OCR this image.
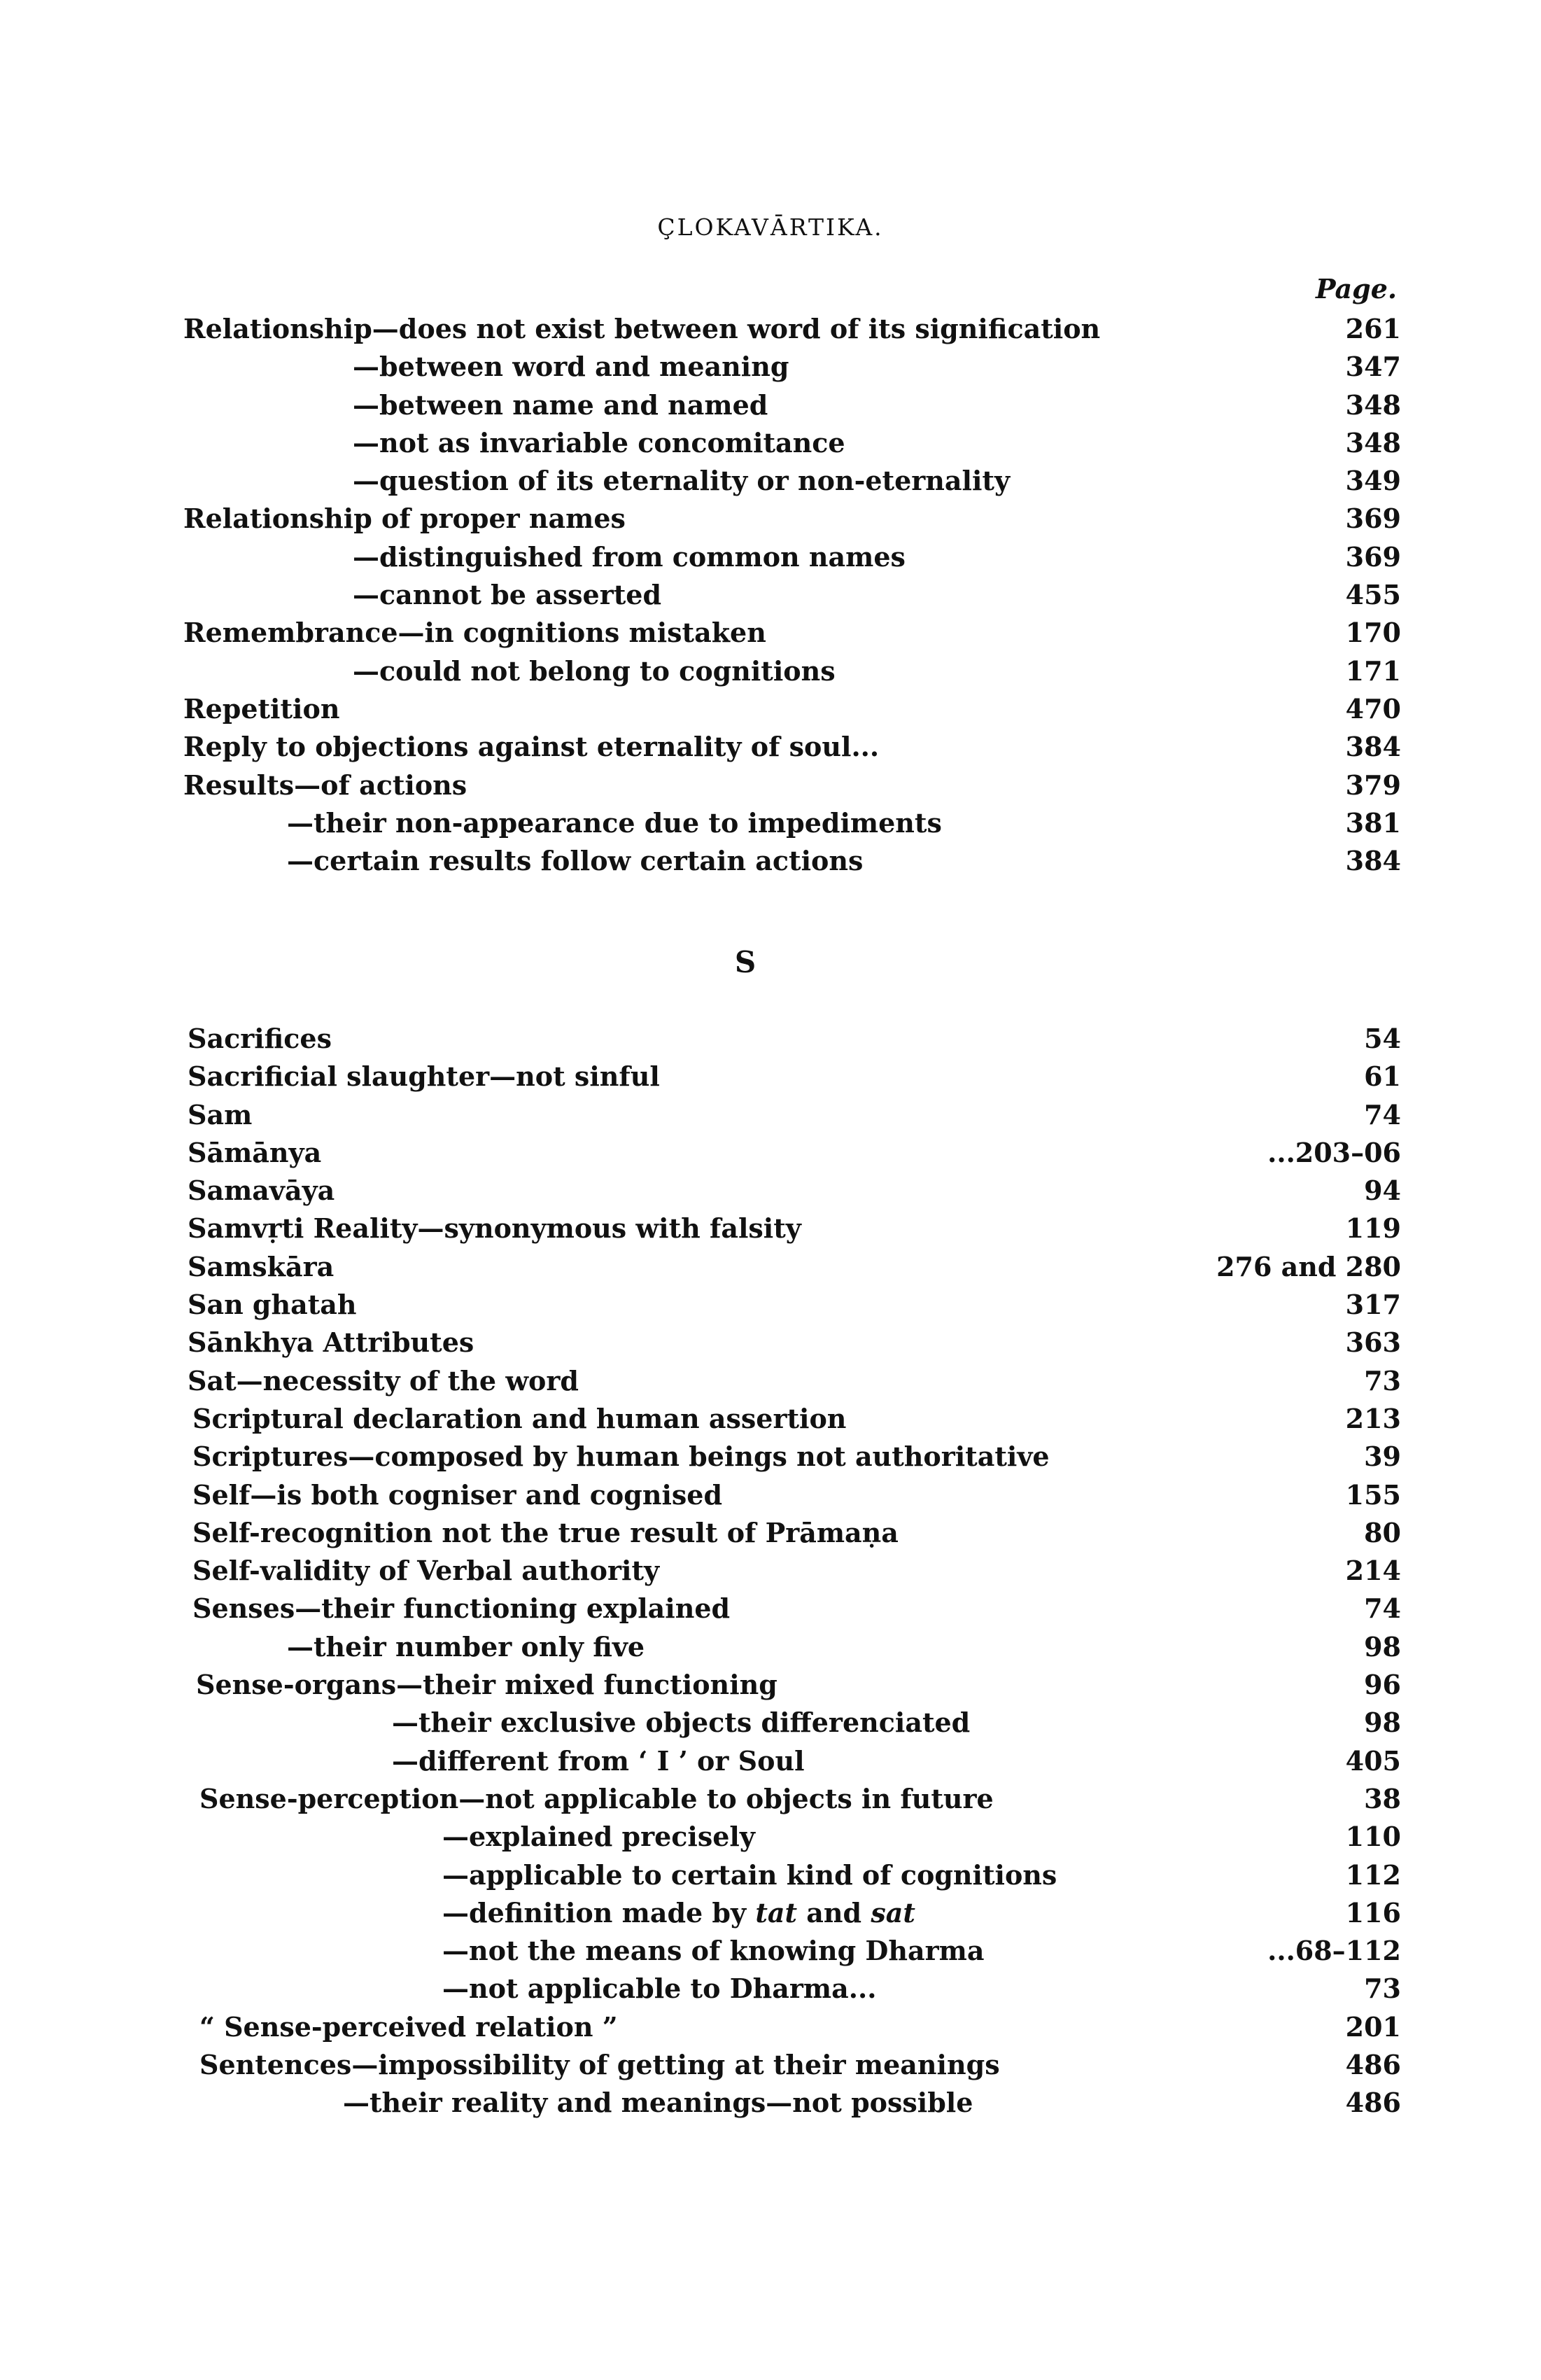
ÇLOKAVĀRTIKA.
Page.
Relationship—does not exist between word of its signification	261
—between word and meaning	347
—between name and named	348
—not as invariable concomitance	348
—question of its eternality or non-eternality	349
Relationship of proper names	369
—distinguished from common names	369
—cannot be asserted	455
Remembrance—in cognitions mistaken	170
—could not belong to cognitions	171
Repetition	470
Reply to objections against eternality of soul...	384
Results—of actions	379
—their non-appearance due to impediments	381
—certain results follow certain actions	384
S
Sacrifices	54
Sacrificial slaughter—not sinful	61
Sam	74
Sāmānya	...203–06
Samavāya	94
Samvṛti Reality—synonymous with falsity	119
Samskāra	276 and 280
San ghatah	317
Sānkhya Attributes	363
Sat—necessity of the word	73
Scriptural declaration and human assertion	213
Scriptures—composed by human beings not authoritative	39
Self—is both cogniser and cognised	155
Self-recognition not the true result of Prāmaṇa	80
Self-validity of Verbal authority	214
Senses—their functioning explained	74
—their number only five	98
Sense-organs—their mixed functioning	96
—their exclusive objects differenciated	98
—different from ‘ I ’ or Soul	405
Sense-perception—not applicable to objects in future	38
—explained precisely	110
—applicable to certain kind of cognitions	112
—definition made by tat and sat	116
—not the means of knowing Dharma	...68–112
—not applicable to Dharma...	73
“ Sense-perceived relation ”	201
Sentences—impossibility of getting at their meanings	486
—their reality and meanings—not possible	486
